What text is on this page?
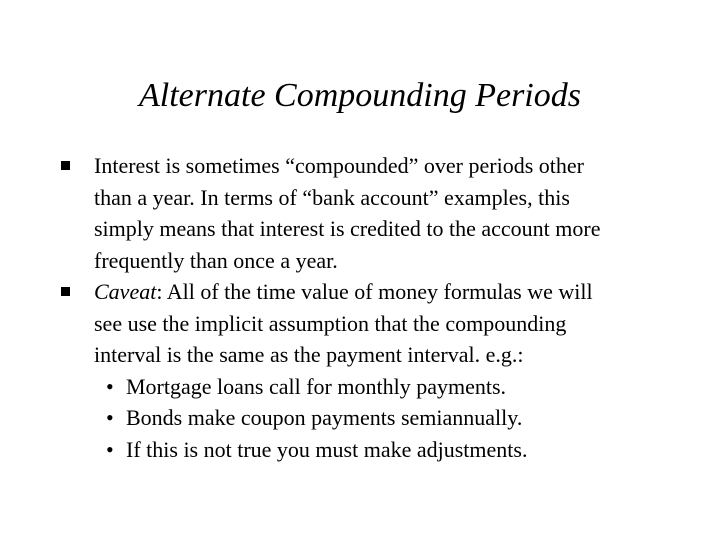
Alternate Compounding Periods
Interest is sometimes “compounded” over periods other
than a year. In terms of “bank account” examples, this
simply means that interest is credited to the account more
frequently than once a year.
Caveat: All of the time value of money formulas we will
see use the implicit assumption that the compounding
interval is the same as the payment interval. e.g.:
• Mortgage loans call for monthly payments.
• Bonds make coupon payments semiannually.
• If this is not true you must make adjustments.
